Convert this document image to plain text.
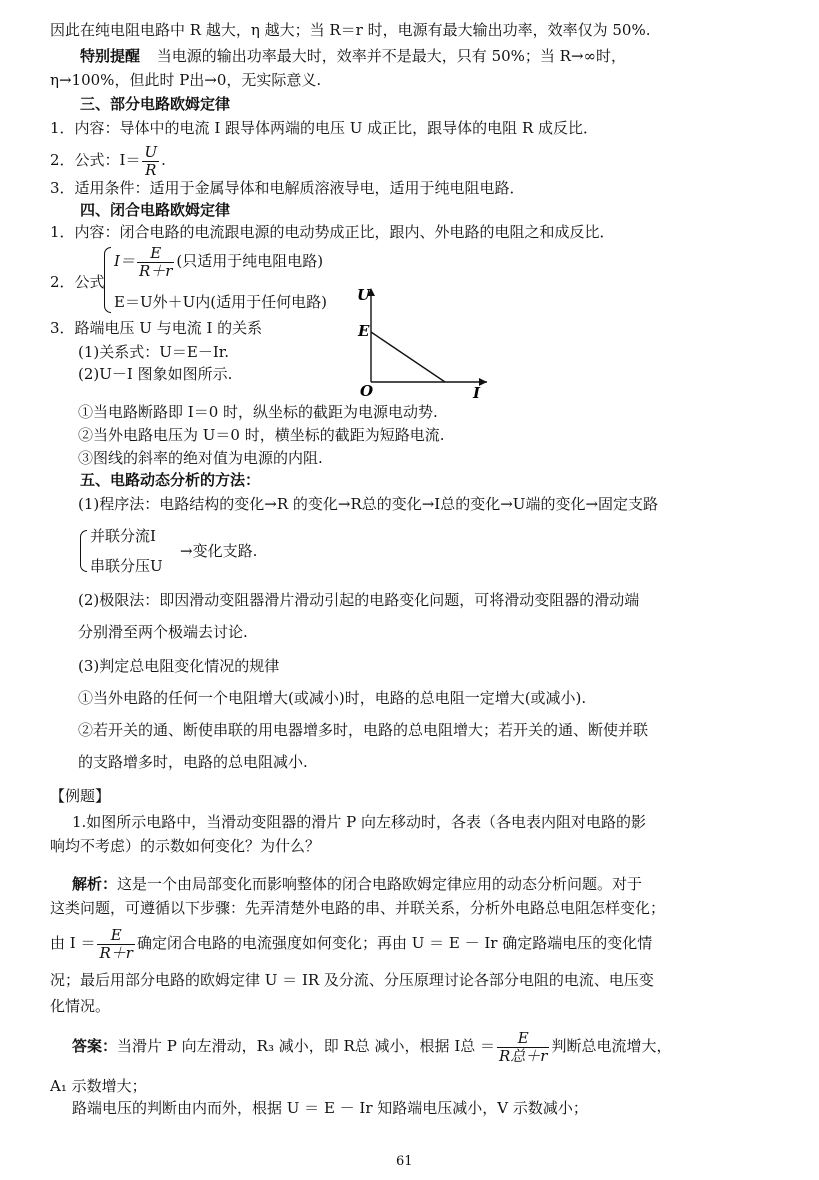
因此在纯电阻电路中 R 越大，η 越大；当 R＝r 时，电源有最大输出功率，效率仅为 50%.
特别提醒 当电源的输出功率最大时，效率并不是最大，只有 50%；当 R→∞时，
η→100%，但此时 P出→0，无实际意义.
三、部分电路欧姆定律
1．内容：导体中的电流 I 跟导体两端的电压 U 成正比，跟导体的电阻 R 成反比．
2．公式：$I= \frac{U}{R}$ .
3．适用条件：适用于金属导体和电解质溶液导电，适用于纯电阻电路．
四、闭合电路欧姆定律
1．内容：闭合电路的电流跟电源的电动势成正比，跟内、外电路的电阻之和成反比．
2．公式
$I= \frac{E}{R+r}$ (只适用于纯电阻电路)
E＝U外＋U内(适用于任何电路)
3．路端电压 U 与电流 I 的关系
(1)关系式：U＝E－Ir.
(2)U－I 图象如图所示.
U
E
O	I
①当电路断路即 I＝0 时，纵坐标的截距为电源电动势.
②当外电路电压为 U＝0 时，横坐标的截距为短路电流.
③图线的斜率的绝对值为电源的内阻.
五、电路动态分析的方法：
(1)程序法：电路结构的变化→R 的变化→R总的变化→I总的变化→U端的变化→固定支路
并联分流I
串联分压U
→变化支路.
(2)极限法：即因滑动变阻器滑片滑动引起的电路变化问题，可将滑动变阻器的滑动端
分别滑至两个极端去讨论.
(3)判定总电阻变化情况的规律
①当外电路的任何一个电阻增大(或减小)时，电路的总电阻一定增大(或减小).
②若开关的通、断使串联的用电器增多时，电路的总电阻增大；若开关的通、断使并联
的支路增多时，电路的总电阻减小.
【例题】
1.如图所示电路中，当滑动变阻器的滑片 P 向左移动时，各表（各电表内阻对电路的影
响均不考虑）的示数如何变化？为什么？
解析：这是一个由局部变化而影响整体的闭合电路欧姆定律应用的动态分析问题。对于
这类问题，可遵循以下步骤：先弄清楚外电路的串、并联关系，分析外电路总电阻怎样变化；
由 $I = \frac{E}{R+r}$ 确定闭合电路的电流强度如何变化；再由 U ＝ E － Ir 确定路端电压的变化情
况；最后用部分电路的欧姆定律 U ＝ IR 及分流、分压原理讨论各部分电阻的电流、电压变
化情况。
答案：当滑片 P 向左滑动，R₃ 减小，即 R总 减小，根据 I总 ＝ $\frac{E}{\text{R总＋r}}$ 判断总电流增大，
A₁ 示数增大；
路端电压的判断由内而外，根据 U ＝ E － Ir 知路端电压减小，V 示数减小；
61
